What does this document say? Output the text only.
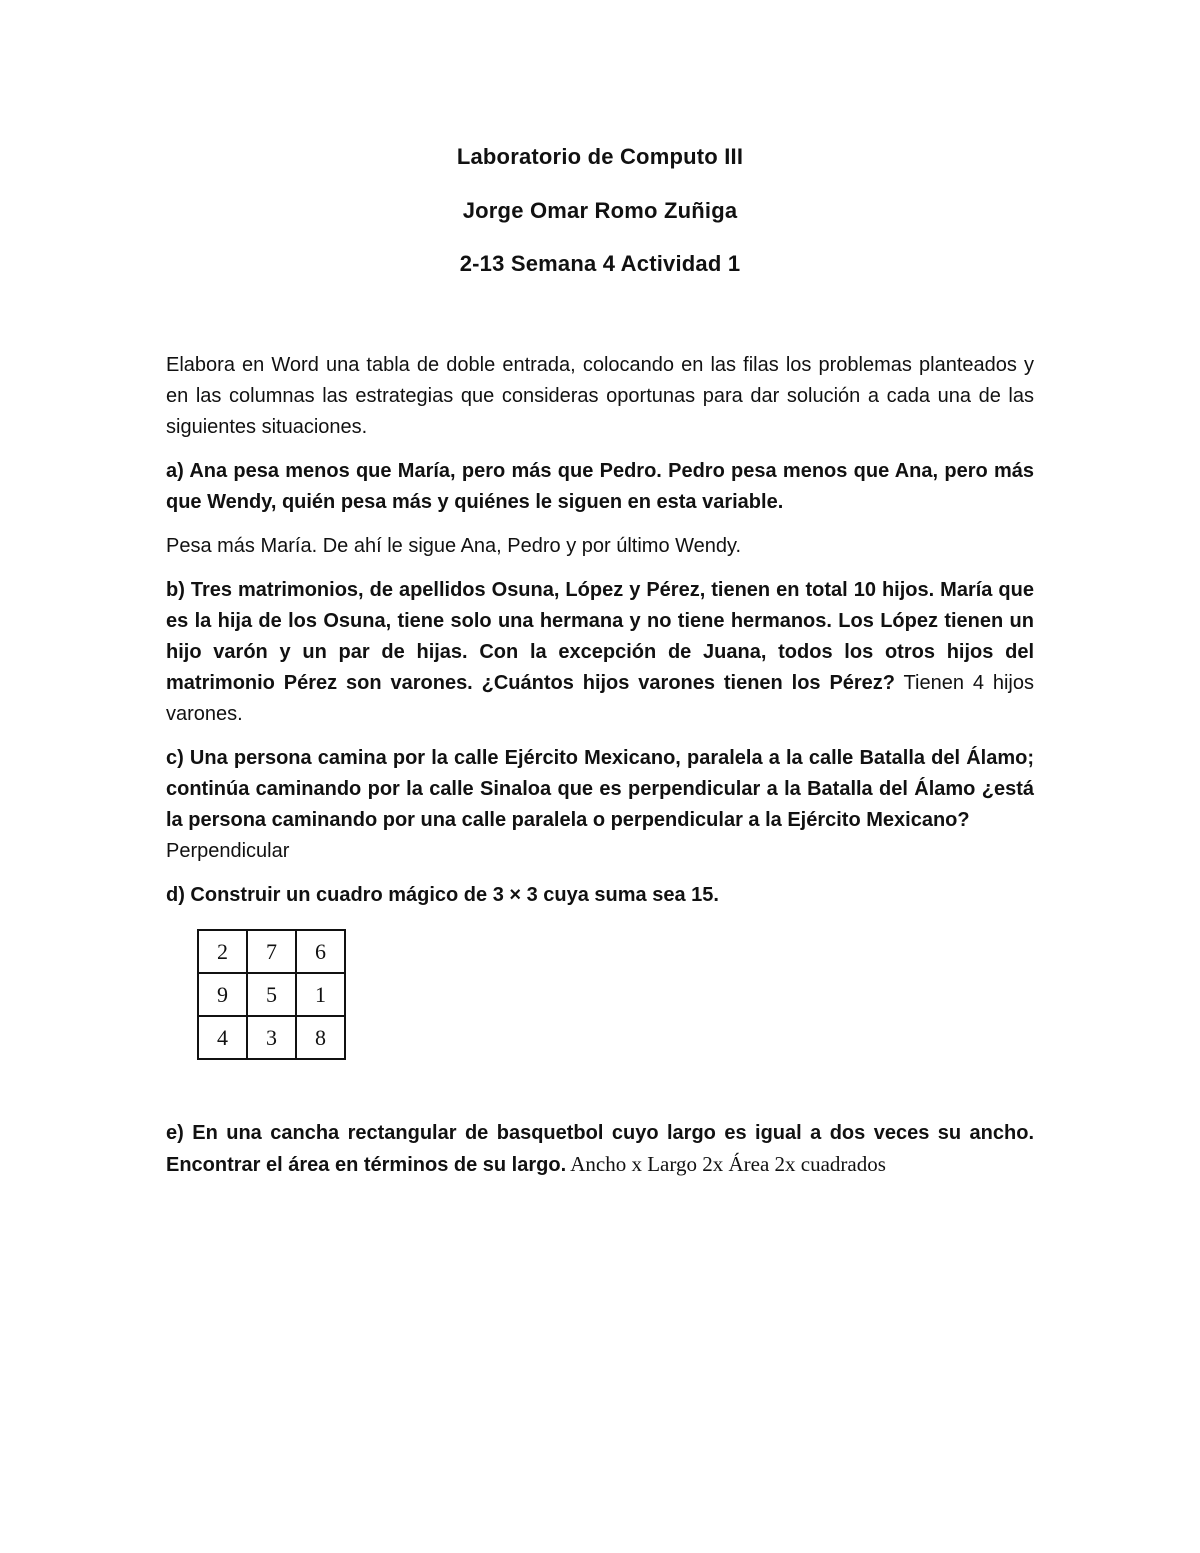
Laboratorio de Computo III
Jorge Omar Romo Zuñiga
2-13 Semana 4 Actividad 1

Elabora en Word una tabla de doble entrada, colocando en las filas los problemas planteados y en las columnas las estrategias que consideras oportunas para dar solución a cada una de las siguientes situaciones.

a) Ana pesa menos que María, pero más que Pedro. Pedro pesa menos que Ana, pero más que Wendy, quién pesa más y quiénes le siguen en esta variable.

Pesa más María. De ahí le sigue Ana, Pedro y por último Wendy.

b) Tres matrimonios, de apellidos Osuna, López y Pérez, tienen en total 10 hijos. María que es la hija de los Osuna, tiene solo una hermana y no tiene hermanos. Los López tienen un hijo varón y un par de hijas. Con la excepción de Juana, todos los otros hijos del matrimonio Pérez son varones. ¿Cuántos hijos varones tienen los Pérez? Tienen 4 hijos varones.

c) Una persona camina por la calle Ejército Mexicano, paralela a la calle Batalla del Álamo; continúa caminando por la calle Sinaloa que es perpendicular a la Batalla del Álamo ¿está la persona caminando por una calle paralela o perpendicular a la Ejército Mexicano?

Perpendicular

d) Construir un cuadro mágico de 3 × 3 cuya suma sea 15.

2	7	6
9	5	1
4	3	8

e) En una cancha rectangular de basquetbol cuyo largo es igual a dos veces su ancho. Encontrar el área en términos de su largo. Ancho x Largo 2x Área 2x cuadrados
